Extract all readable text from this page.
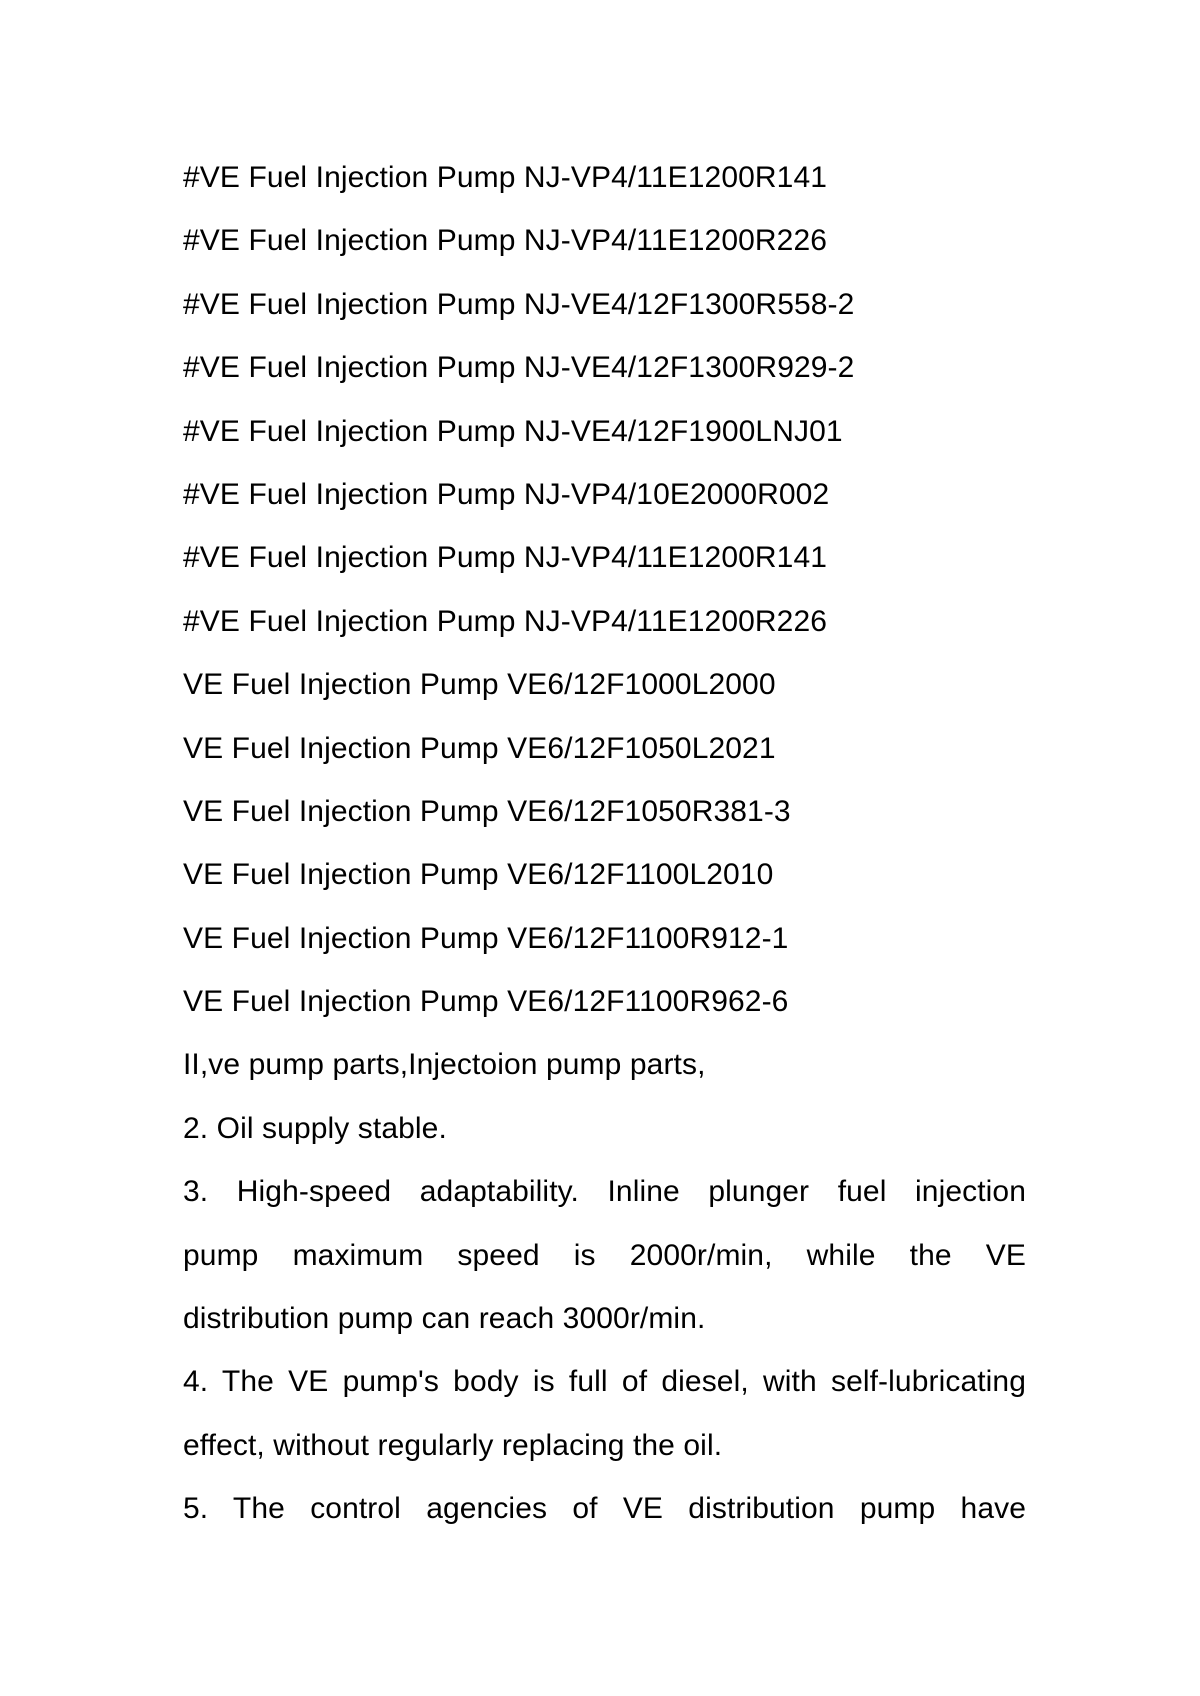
#VE Fuel Injection Pump NJ-VP4/11E1200R141
#VE Fuel Injection Pump NJ-VP4/11E1200R226
#VE Fuel Injection Pump NJ-VE4/12F1300R558-2
#VE Fuel Injection Pump NJ-VE4/12F1300R929-2
#VE Fuel Injection Pump NJ-VE4/12F1900LNJ01
#VE Fuel Injection Pump NJ-VP4/10E2000R002
#VE Fuel Injection Pump NJ-VP4/11E1200R141
#VE Fuel Injection Pump NJ-VP4/11E1200R226
VE Fuel Injection Pump VE6/12F1000L2000
VE Fuel Injection Pump VE6/12F1050L2021
VE Fuel Injection Pump VE6/12F1050R381-3
VE Fuel Injection Pump VE6/12F1100L2010
VE Fuel Injection Pump VE6/12F1100R912-1
VE Fuel Injection Pump VE6/12F1100R962-6
II,ve pump parts,Injectoion pump parts,
2. Oil supply stable.
3. High-speed adaptability. Inline plunger fuel injection
pump maximum speed is 2000r/min, while the VE
distribution pump can reach 3000r/min.
4. The VE pump's body is full of diesel, with self-lubricating
effect, without regularly replacing the oil.
5. The control agencies of VE distribution pump have
